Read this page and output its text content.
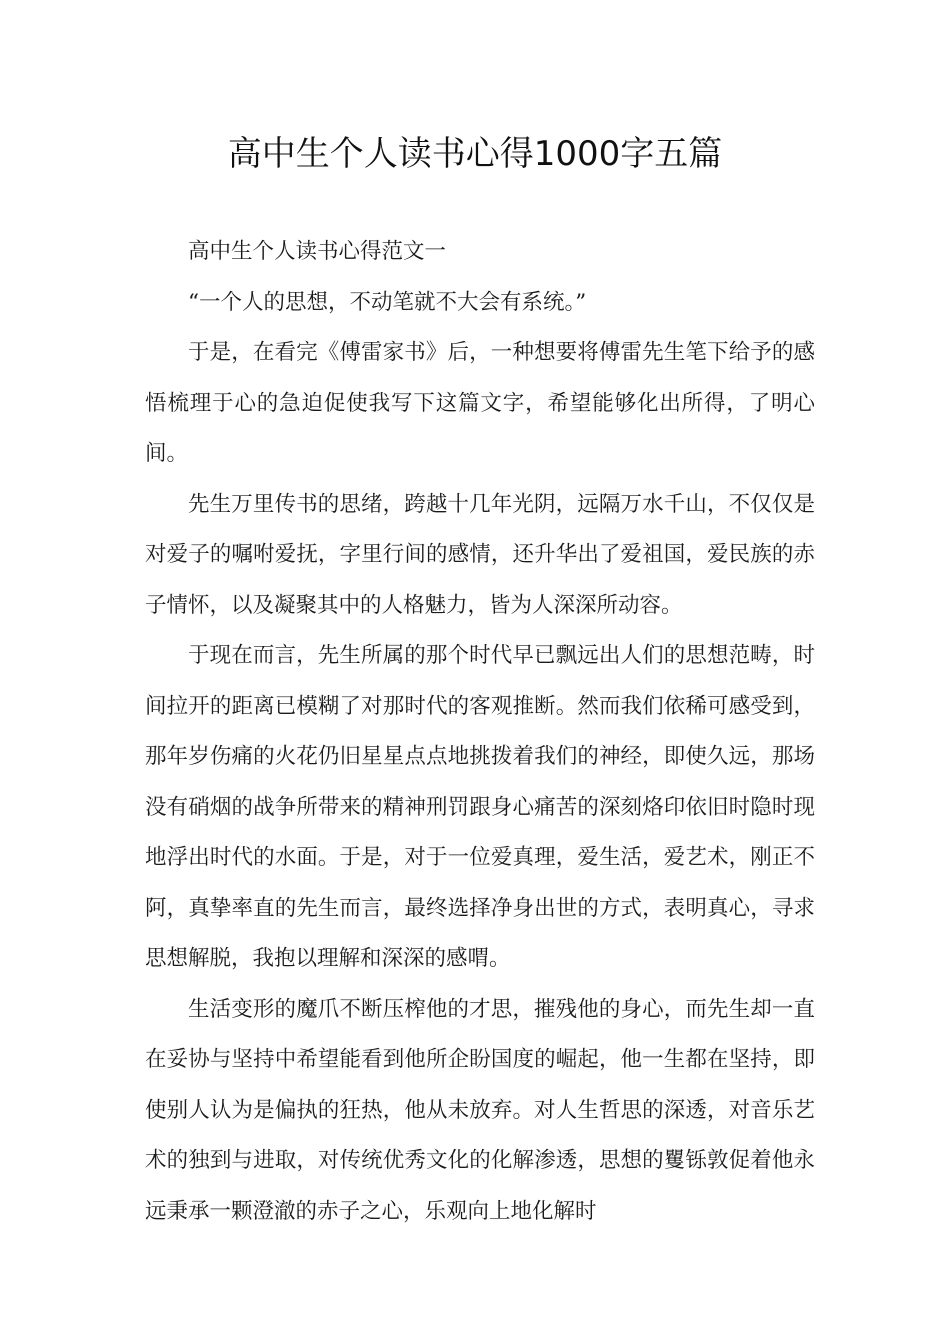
高中生个人读书心得1000字五篇

高中生个人读书心得范文一

“一个人的思想，不动笔就不大会有系统。”

于是，在看完《傅雷家书》后，一种想要将傅雷先生笔下给予的感悟梳理于心的急迫促使我写下这篇文字，希望能够化出所得，了明心间。

先生万里传书的思绪，跨越十几年光阴，远隔万水千山，不仅仅是对爱子的嘱咐爱抚，字里行间的感情，还升华出了爱祖国，爱民族的赤子情怀，以及凝聚其中的人格魅力，皆为人深深所动容。

于现在而言，先生所属的那个时代早已飘远出人们的思想范畴，时间拉开的距离已模糊了对那时代的客观推断。然而我们依稀可感受到，那年岁伤痛的火花仍旧星星点点地挑拨着我们的神经，即使久远，那场没有硝烟的战争所带来的精神刑罚跟身心痛苦的深刻烙印依旧时隐时现地浮出时代的水面。于是，对于一位爱真理，爱生活，爱艺术，刚正不阿，真挚率直的先生而言，最终选择净身出世的方式，表明真心，寻求思想解脱，我抱以理解和深深的感喟。

生活变形的魔爪不断压榨他的才思，摧残他的身心，而先生却一直在妥协与坚持中希望能看到他所企盼国度的崛起，他一生都在坚持，即使别人认为是偏执的狂热，他从未放弃。对人生哲思的深透，对音乐艺术的独到与进取，对传统优秀文化的化解渗透，思想的矍铄敦促着他永远秉承一颗澄澈的赤子之心，乐观向上地化解时
